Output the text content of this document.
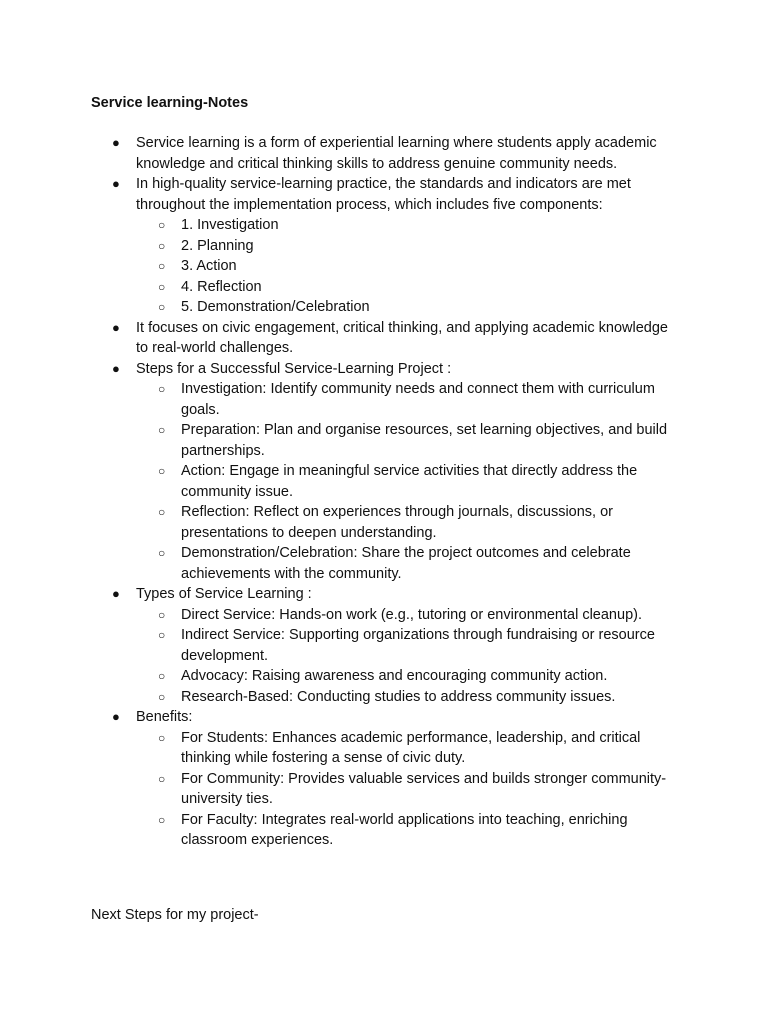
Service learning-Notes

● Service learning is a form of experiential learning where students apply academic knowledge and critical thinking skills to address genuine community needs.
● In high-quality service-learning practice, the standards and indicators are met throughout the implementation process, which includes five components:
○ 1. Investigation
○ 2. Planning
○ 3. Action
○ 4. Reflection
○ 5. Demonstration/Celebration
● It focuses on civic engagement, critical thinking, and applying academic knowledge to real-world challenges.
● Steps for a Successful Service-Learning Project :
○ Investigation: Identify community needs and connect them with curriculum goals.
○ Preparation: Plan and organise resources, set learning objectives, and build partnerships.
○ Action: Engage in meaningful service activities that directly address the community issue.
○ Reflection: Reflect on experiences through journals, discussions, or presentations to deepen understanding.
○ Demonstration/Celebration: Share the project outcomes and celebrate achievements with the community.
● Types of Service Learning :
○ Direct Service: Hands-on work (e.g., tutoring or environmental cleanup).
○ Indirect Service: Supporting organizations through fundraising or resource development.
○ Advocacy: Raising awareness and encouraging community action.
○ Research-Based: Conducting studies to address community issues.
● Benefits:
○ For Students: Enhances academic performance, leadership, and critical thinking while fostering a sense of civic duty.
○ For Community: Provides valuable services and builds stronger community-university ties.
○ For Faculty: Integrates real-world applications into teaching, enriching classroom experiences.

Next Steps for my project-
